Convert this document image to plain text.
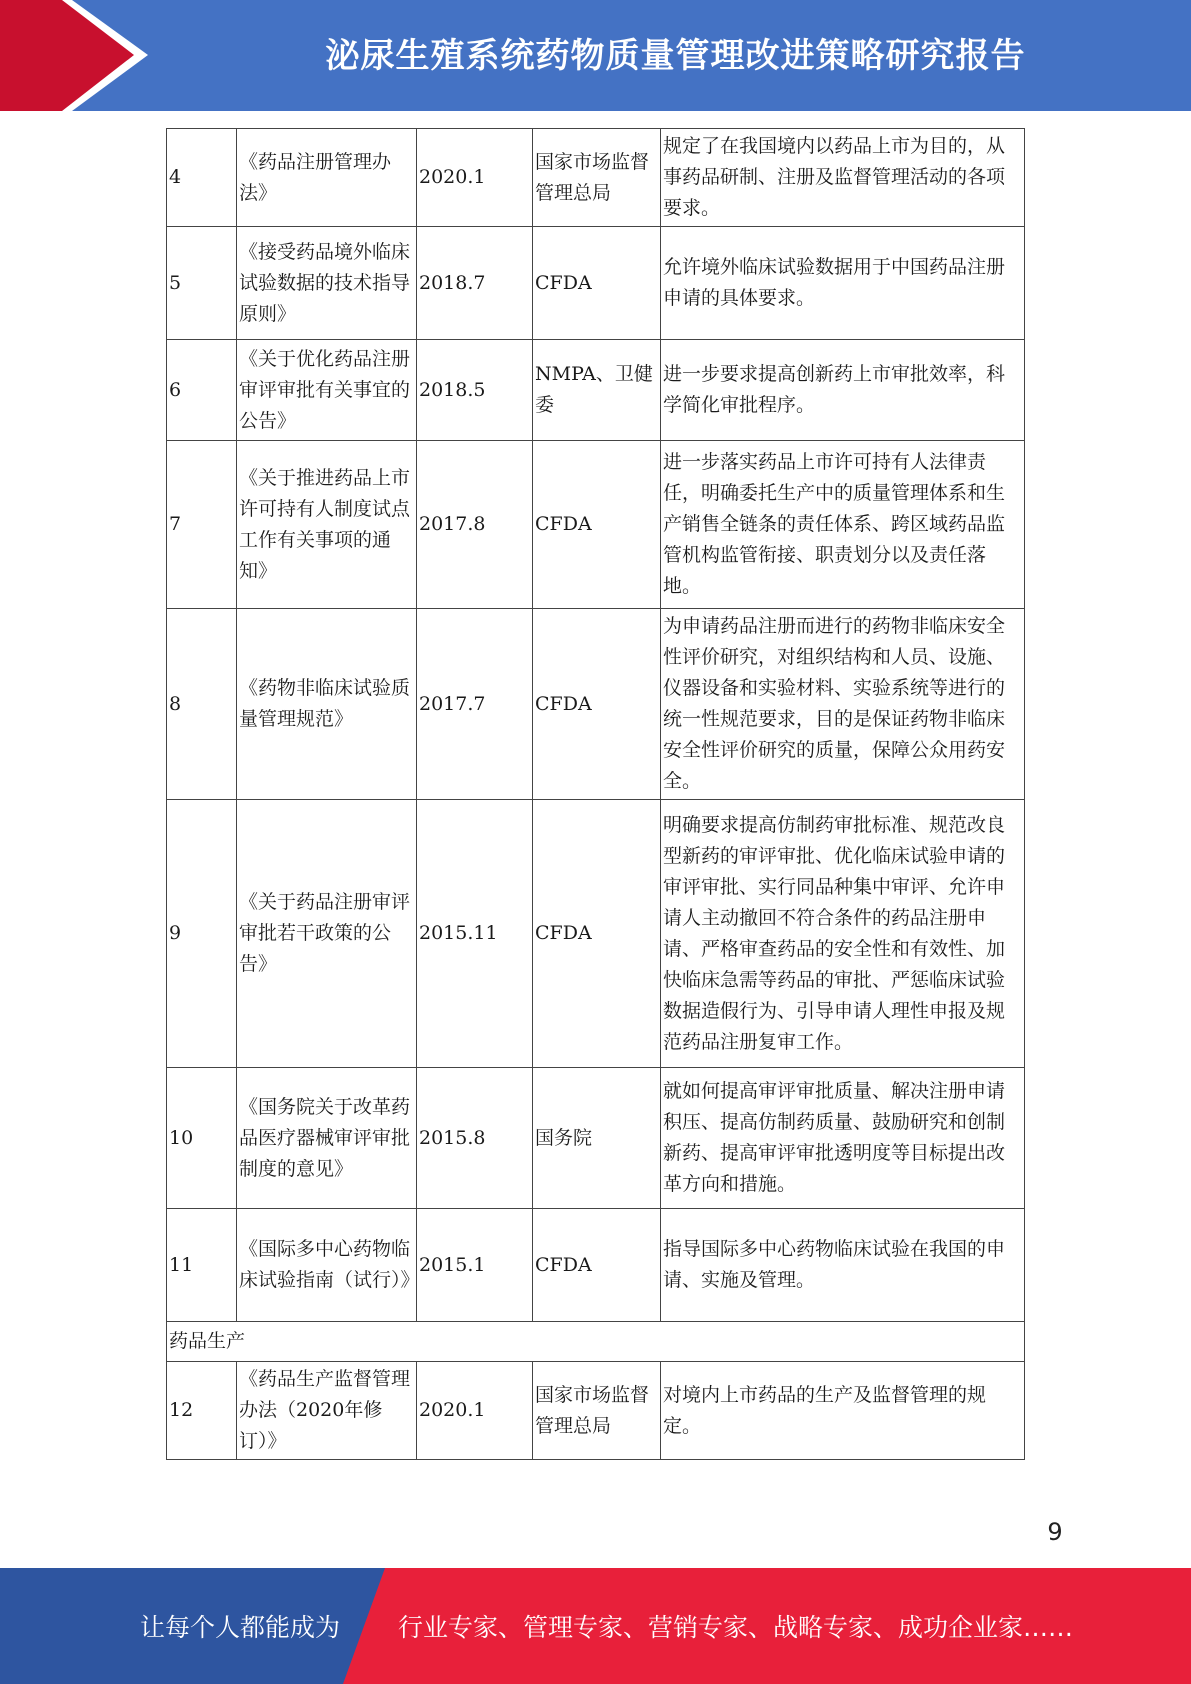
泌尿生殖系统药物质量管理改进策略研究报告
4	《药品注册管理办法》	2020.1	国家市场监督管理总局	规定了在我国境内以药品上市为目的，从事药品研制、注册及监督管理活动的各项要求。
5	《接受药品境外临床试验数据的技术指导原则》	2018.7	CFDA	允许境外临床试验数据用于中国药品注册申请的具体要求。
6	《关于优化药品注册审评审批有关事宜的公告》	2018.5	NMPA、卫健委	进一步要求提高创新药上市审批效率，科学简化审批程序。
7	《关于推进药品上市许可持有人制度试点工作有关事项的通知》	2017.8	CFDA	进一步落实药品上市许可持有人法律责任，明确委托生产中的质量管理体系和生产销售全链条的责任体系、跨区域药品监管机构监管衔接、职责划分以及责任落地。
8	《药物非临床试验质量管理规范》	2017.7	CFDA	为申请药品注册而进行的药物非临床安全性评价研究，对组织结构和人员、设施、仪器设备和实验材料、实验系统等进行的统一性规范要求，目的是保证药物非临床安全性评价研究的质量，保障公众用药安全。
9	《关于药品注册审评审批若干政策的公告》	2015.11	CFDA	明确要求提高仿制药审批标准、规范改良型新药的审评审批、优化临床试验申请的审评审批、实行同品种集中审评、允许申请人主动撤回不符合条件的药品注册申请、严格审查药品的安全性和有效性、加快临床急需等药品的审批、严惩临床试验数据造假行为、引导申请人理性申报及规范药品注册复审工作。
10	《国务院关于改革药品医疗器械审评审批制度的意见》	2015.8	国务院	就如何提高审评审批质量、解决注册申请积压、提高仿制药质量、鼓励研究和创制新药、提高审评审批透明度等目标提出改革方向和措施。
11	《国际多中心药物临床试验指南（试行）》	2015.1	CFDA	指导国际多中心药物临床试验在我国的申请、实施及管理。
药品生产				
12	《药品生产监督管理办法（2020年修订）》	2020.1	国家市场监督管理总局	对境内上市药品的生产及监督管理的规定。
9
让每个人都能成为 行业专家、管理专家、营销专家、战略专家、成功企业家……
